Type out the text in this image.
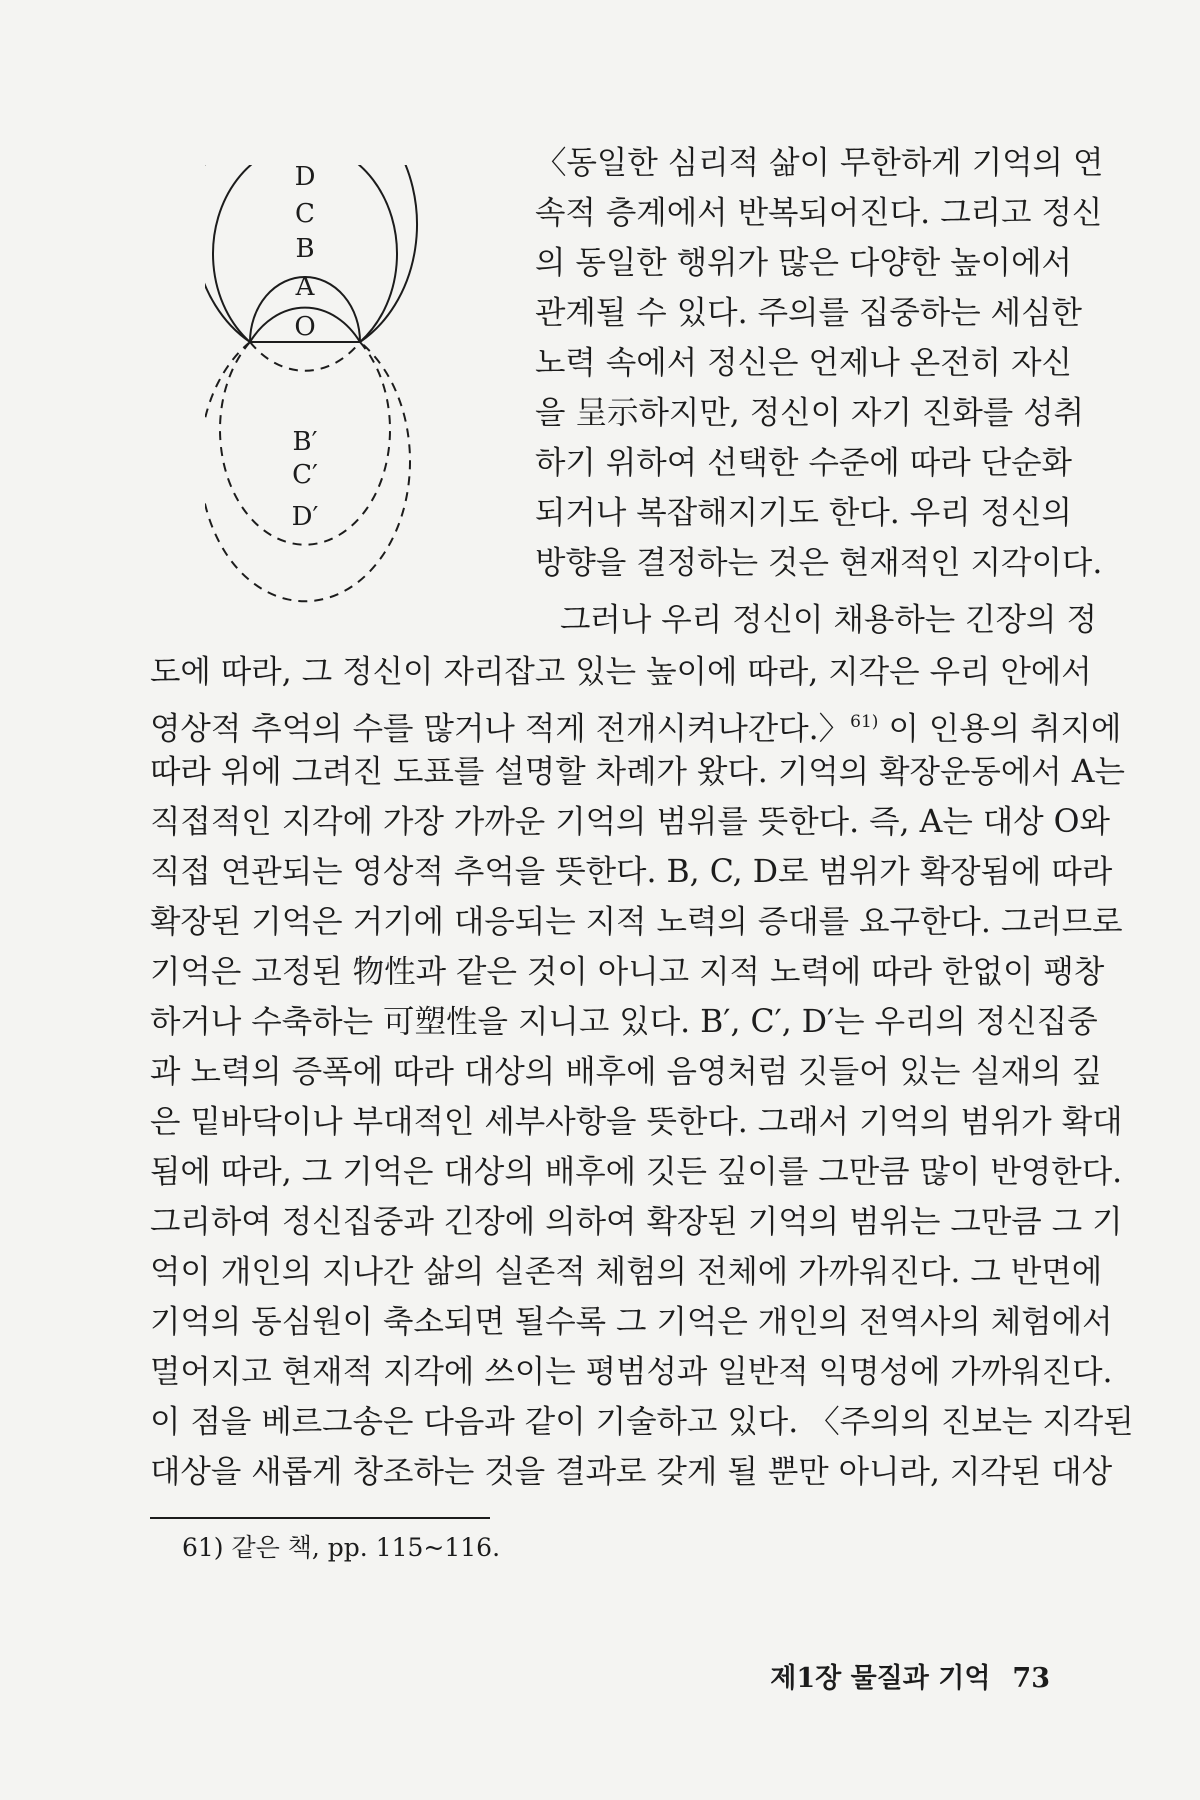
D
C
B
A
O
B′
C′
D′
〈동일한 심리적 삶이 무한하게 기억의 연
속적 층계에서 반복되어진다. 그리고 정신
의 동일한 행위가 많은 다양한 높이에서
관계될 수 있다. 주의를 집중하는 세심한
노력 속에서 정신은 언제나 온전히 자신
을 呈示하지만, 정신이 자기 진화를 성취
하기 위하여 선택한 수준에 따라 단순화
되거나 복잡해지기도 한다. 우리 정신의
방향을 결정하는 것은 현재적인 지각이다.
그러나 우리 정신이 채용하는 긴장의 정
도에 따라, 그 정신이 자리잡고 있는 높이에 따라, 지각은 우리 안에서
영상적 추억의 수를 많거나 적게 전개시켜나간다.〉$^{61)}$ 이 인용의 취지에
따라 위에 그려진 도표를 설명할 차례가 왔다. 기억의 확장운동에서 A는
직접적인 지각에 가장 가까운 기억의 범위를 뜻한다. 즉, A는 대상 O와
직접 연관되는 영상적 추억을 뜻한다. B, C, D로 범위가 확장됨에 따라
확장된 기억은 거기에 대응되는 지적 노력의 증대를 요구한다. 그러므로
기억은 고정된 物性과 같은 것이 아니고 지적 노력에 따라 한없이 팽창
하거나 수축하는 可塑性을 지니고 있다. B′, C′, D′는 우리의 정신집중
과 노력의 증폭에 따라 대상의 배후에 음영처럼 깃들어 있는 실재의 깊
은 밑바닥이나 부대적인 세부사항을 뜻한다. 그래서 기억의 범위가 확대
됨에 따라, 그 기억은 대상의 배후에 깃든 깊이를 그만큼 많이 반영한다.
그리하여 정신집중과 긴장에 의하여 확장된 기억의 범위는 그만큼 그 기
억이 개인의 지나간 삶의 실존적 체험의 전체에 가까워진다. 그 반면에
기억의 동심원이 축소되면 될수록 그 기억은 개인의 전역사의 체험에서
멀어지고 현재적 지각에 쓰이는 평범성과 일반적 익명성에 가까워진다.
이 점을 베르그송은 다음과 같이 기술하고 있다. 〈주의의 진보는 지각된
대상을 새롭게 창조하는 것을 결과로 갖게 될 뿐만 아니라, 지각된 대상
61) 같은 책, pp. 115~116.
제1장 물질과 기억 73
